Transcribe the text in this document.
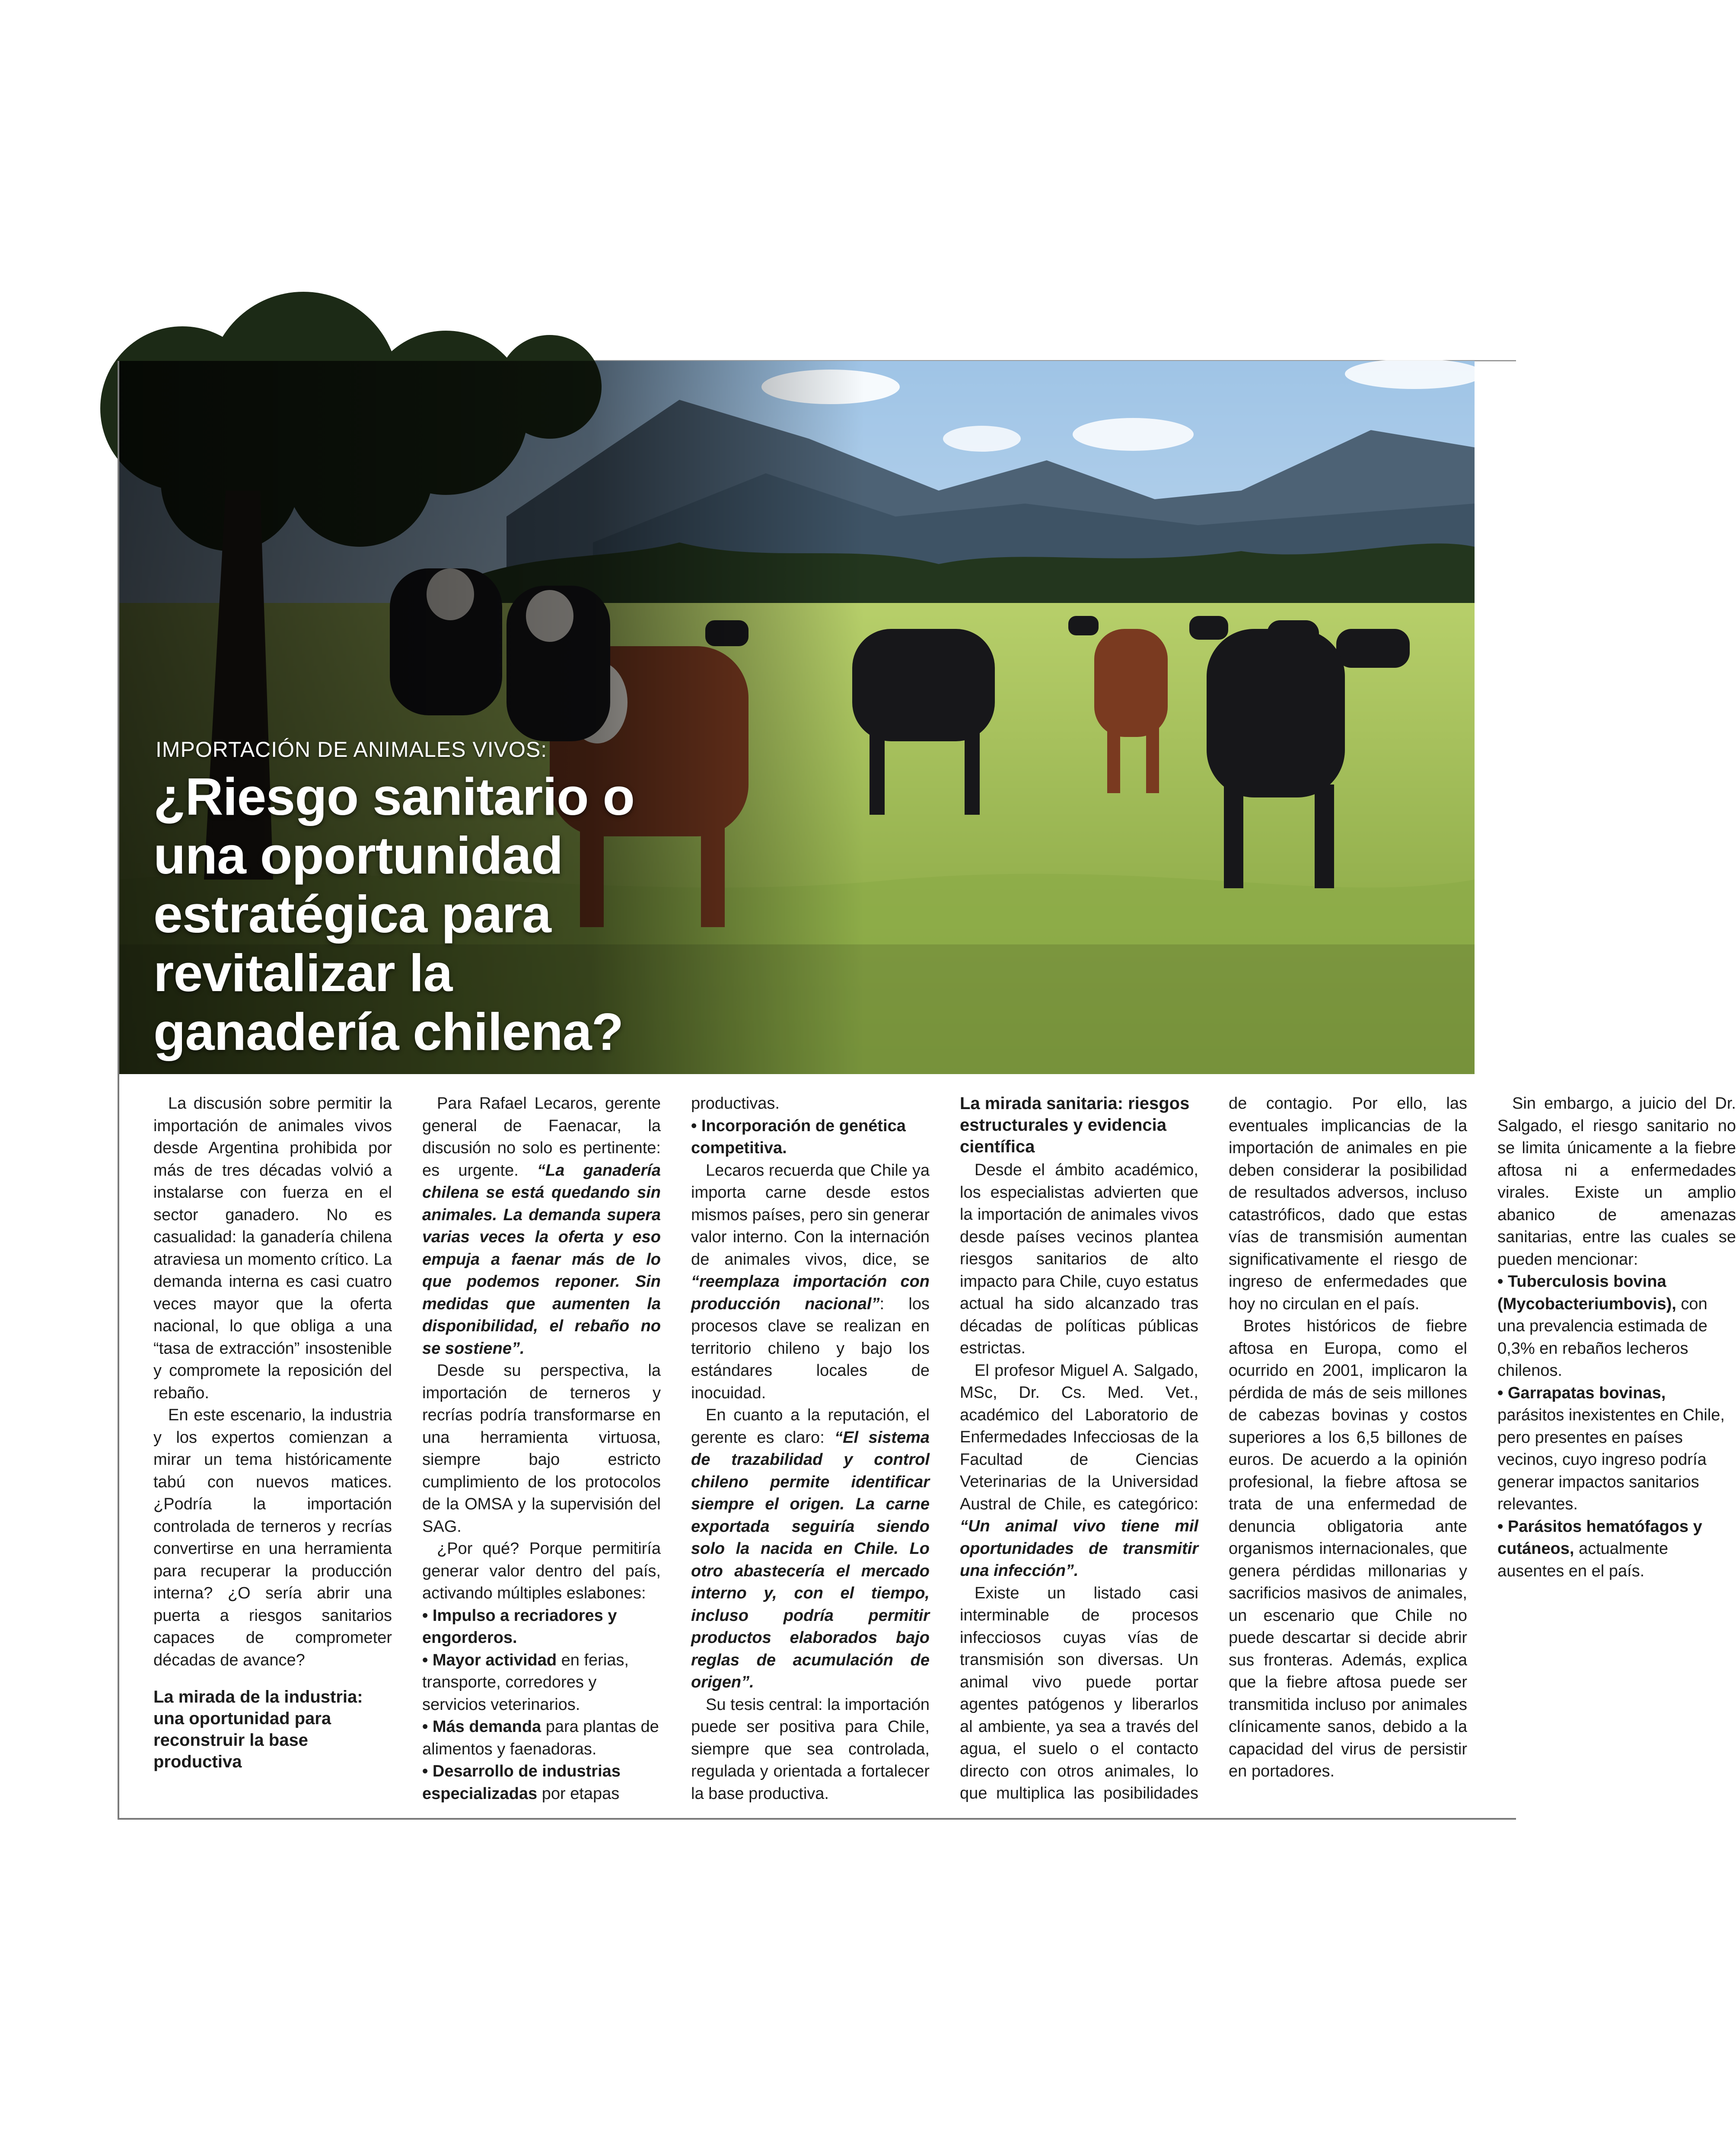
IMPORTACIÓN DE ANIMALES VIVOS:
¿Riesgo sanitario o una oportunidad estratégica para revitalizar la ganadería chilena?

La discusión sobre permitir la importación de animales vivos desde Argentina prohibida por más de tres décadas volvió a instalarse con fuerza en el sector ganadero. No es casualidad: la ganadería chilena atraviesa un momento crítico. La demanda interna es casi cuatro veces mayor que la oferta nacional, lo que obliga a una “tasa de extracción” insostenible y compromete la reposición del rebaño.

En este escenario, la industria y los expertos comienzan a mirar un tema históricamente tabú con nuevos matices. ¿Podría la importación controlada de terneros y recrías convertirse en una herramienta para recuperar la producción interna? ¿O sería abrir una puerta a riesgos sanitarios capaces de comprometer décadas de avance?

La mirada de la industria: una oportunidad para reconstruir la base productiva

Para Rafael Lecaros, gerente general de Faenacar, la discusión no solo es pertinente: es urgente. “La ganadería chilena se está quedando sin animales. La demanda supera varias veces la oferta y eso empuja a faenar más de lo que podemos reponer. Sin medidas que aumenten la disponibilidad, el rebaño no se sostiene”.

Desde su perspectiva, la importación de terneros y recrías podría transformarse en una herramienta virtuosa, siempre bajo estricto cumplimiento de los protocolos de la OMSA y la supervisión del SAG.

¿Por qué? Porque permitiría generar valor dentro del país, activando múltiples eslabones:

• Impulso a recriadores y engorderos.
• Mayor actividad en ferias, transporte, corredores y servicios veterinarios.
• Más demanda para plantas de alimentos y faenadoras.
• Desarrollo de industrias especializadas por etapas productivas.
• Incorporación de genética competitiva.

Lecaros recuerda que Chile ya importa carne desde estos mismos países, pero sin generar valor interno. Con la internación de animales vivos, dice, se “reemplaza importación con producción nacional”: los procesos clave se realizan en territorio chileno y bajo los estándares locales de inocuidad.

En cuanto a la reputación, el gerente es claro: “El sistema de trazabilidad y control chileno permite identificar siempre el origen. La carne exportada seguiría siendo solo la nacida en Chile. Lo otro abastecería el mercado interno y, con el tiempo, incluso podría permitir productos elaborados bajo reglas de acumulación de origen”.

Su tesis central: la importación puede ser positiva para Chile, siempre que sea controlada, regulada y orientada a fortalecer la base productiva.

La mirada sanitaria: riesgos estructurales y evidencia científica

Desde el ámbito académico, los especialistas advierten que la importación de animales vivos desde países vecinos plantea riesgos sanitarios de alto impacto para Chile, cuyo estatus actual ha sido alcanzado tras décadas de políticas públicas estrictas.

El profesor Miguel A. Salgado, MSc, Dr. Cs. Med. Vet., académico del Laboratorio de Enfermedades Infecciosas de la Facultad de Ciencias Veterinarias de la Universidad Austral de Chile, es categórico: “Un animal vivo tiene mil oportunidades de transmitir una infección”.

Existe un listado casi interminable de procesos infecciosos cuyas vías de transmisión son diversas. Un animal vivo puede portar agentes patógenos y liberarlos al ambiente, ya sea a través del agua, el suelo o el contacto directo con otros animales, lo que multiplica las posibilidades de contagio. Por ello, las eventuales implicancias de la importación de animales en pie deben considerar la posibilidad de resultados adversos, incluso catastróficos, dado que estas vías de transmisión aumentan significativamente el riesgo de ingreso de enfermedades que hoy no circulan en el país.

Brotes históricos de fiebre aftosa en Europa, como el ocurrido en 2001, implicaron la pérdida de más de seis millones de cabezas bovinas y costos superiores a los 6,5 billones de euros. De acuerdo a la opinión profesional, la fiebre aftosa se trata de una enfermedad de denuncia obligatoria ante organismos internacionales, que genera pérdidas millonarias y sacrificios masivos de animales, un escenario que Chile no puede descartar si decide abrir sus fronteras. Además, explica que la fiebre aftosa puede ser transmitida incluso por animales clínicamente sanos, debido a la capacidad del virus de persistir en portadores.

Sin embargo, a juicio del Dr. Salgado, el riesgo sanitario no se limita únicamente a la fiebre aftosa ni a enfermedades virales. Existe un amplio abanico de amenazas sanitarias, entre las cuales se pueden mencionar:

• Tuberculosis bovina (Mycobacteriumbovis), con una prevalencia estimada de 0,3% en rebaños lecheros chilenos.
• Garrapatas bovinas, parásitos inexistentes en Chile, pero presentes en países vecinos, cuyo ingreso podría generar impactos sanitarios relevantes.
• Parásitos hematófagos y cutáneos, actualmente ausentes en el país.
